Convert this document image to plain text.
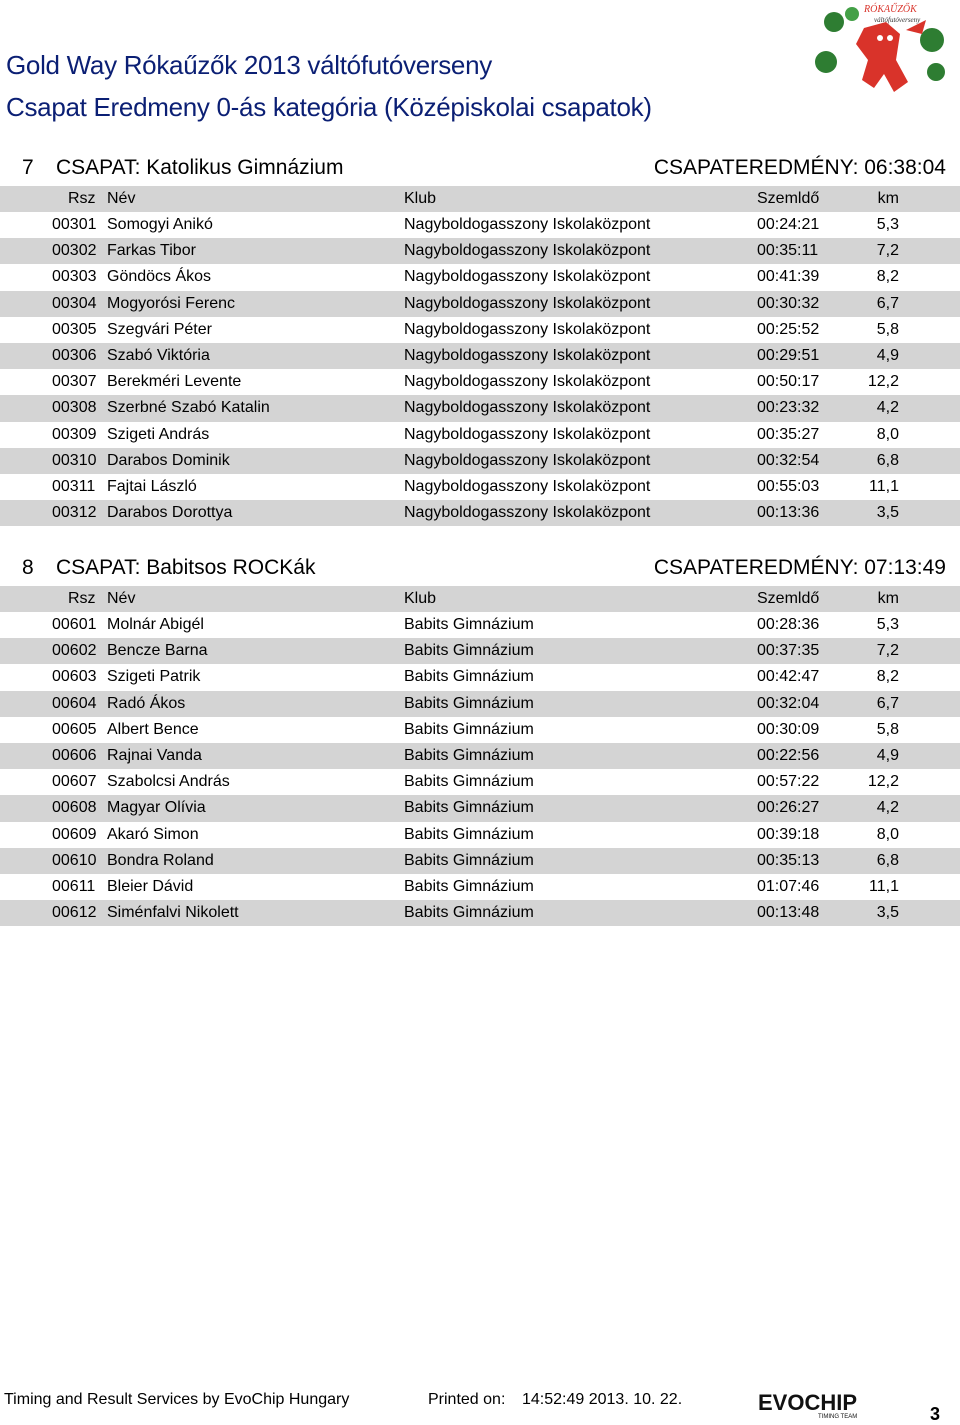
Gold Way Rókaűzők 2013 váltófutóverseny
Csapat Eredmeny 0-ás kategória (Középiskolai csapatok)
RÓKAŰZŐK
váltófutóverseny
7 CSAPAT: Katolikus Gimnázium	CSAPATEREDMÉNY: 06:38:04
Rsz Név	Klub	Szemldő	km
00301 Somogyi Anikó	Nagyboldogasszony Iskolaközpont	00:24:21	5,3
00302 Farkas Tibor	Nagyboldogasszony Iskolaközpont	00:35:11	7,2
00303 Göndöcs Ákos	Nagyboldogasszony Iskolaközpont	00:41:39	8,2
00304 Mogyorósi Ferenc	Nagyboldogasszony Iskolaközpont	00:30:32	6,7
00305 Szegvári Péter	Nagyboldogasszony Iskolaközpont	00:25:52	5,8
00306 Szabó Viktória	Nagyboldogasszony Iskolaközpont	00:29:51	4,9
00307 Berekméri Levente	Nagyboldogasszony Iskolaközpont	00:50:17	12,2
00308 Szerbné Szabó Katalin	Nagyboldogasszony Iskolaközpont	00:23:32	4,2
00309 Szigeti András	Nagyboldogasszony Iskolaközpont	00:35:27	8,0
00310 Darabos Dominik	Nagyboldogasszony Iskolaközpont	00:32:54	6,8
00311 Fajtai László	Nagyboldogasszony Iskolaközpont	00:55:03	11,1
00312 Darabos Dorottya	Nagyboldogasszony Iskolaközpont	00:13:36	3,5
8 CSAPAT: Babitsos ROCKák	CSAPATEREDMÉNY: 07:13:49
Rsz Név	Klub	Szemldő	km
00601 Molnár Abigél	Babits Gimnázium	00:28:36	5,3
00602 Bencze Barna	Babits Gimnázium	00:37:35	7,2
00603 Szigeti Patrik	Babits Gimnázium	00:42:47	8,2
00604 Radó Ákos	Babits Gimnázium	00:32:04	6,7
00605 Albert Bence	Babits Gimnázium	00:30:09	5,8
00606 Rajnai Vanda	Babits Gimnázium	00:22:56	4,9
00607 Szabolcsi András	Babits Gimnázium	00:57:22	12,2
00608 Magyar Olívia	Babits Gimnázium	00:26:27	4,2
00609 Akaró Simon	Babits Gimnázium	00:39:18	8,0
00610 Bondra Roland	Babits Gimnázium	00:35:13	6,8
00611 Bleier Dávid	Babits Gimnázium	01:07:46	11,1
00612 Siménfalvi Nikolett	Babits Gimnázium	00:13:48	3,5
Timing and Result Services by EvoChip Hungary	Printed on: 14:52:49 2013. 10. 22.	EVOCHIP
TIMING TEAM	3
